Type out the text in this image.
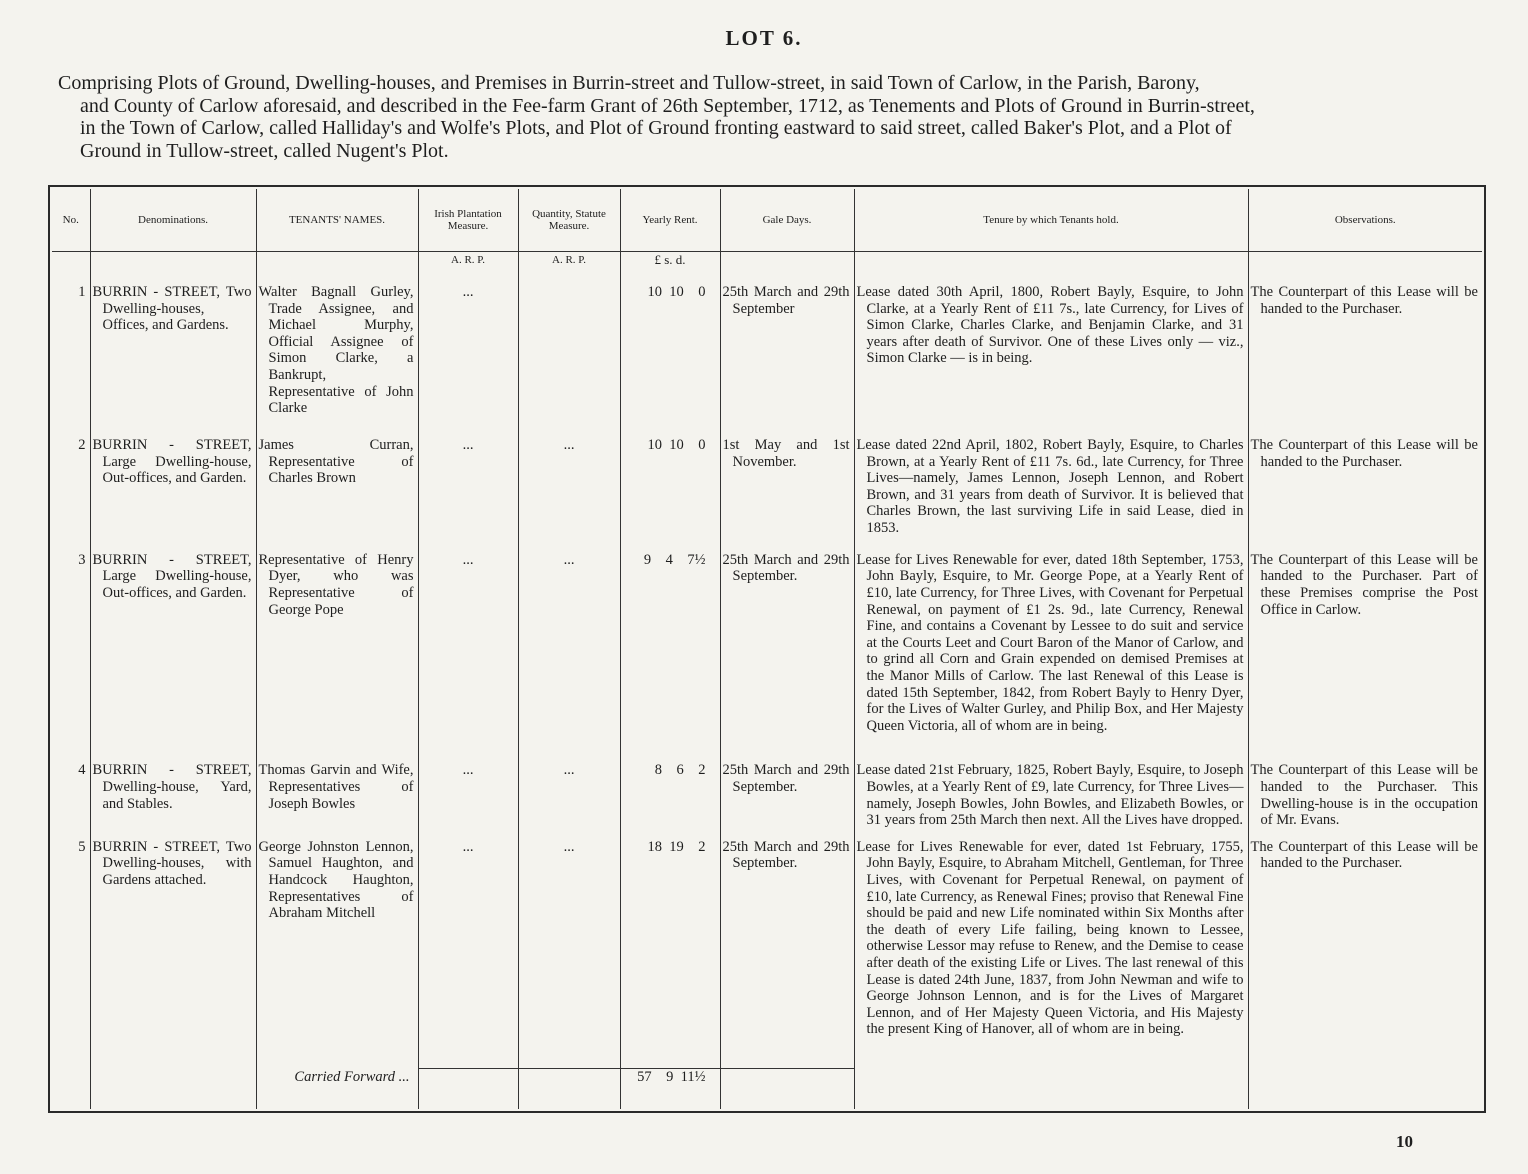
LOT 6.
Comprising Plots of Ground, Dwelling-houses, and Premises in Burrin-street and Tullow-street, in said Town of Carlow, in the Parish, Barony,
and County of Carlow aforesaid, and described in the Fee-farm Grant of 26th September, 1712, as Tenements and Plots of Ground in Burrin-street,
in the Town of Carlow, called Halliday's and Wolfe's Plots, and Plot of Ground fronting eastward to said street, called Baker's Plot, and a Plot of
Ground in Tullow-street, called Nugent's Plot.
No.	Denominations.	TENANTS' NAMES.	Irish Plantation Measure.	Quantity, Statute Measure.	Yearly Rent.	Gale Days.	Tenure by which Tenants hold.	Observations.
			A. R. P.	A. R. P.	£ s. d.			
1	BURRIN - STREET, Two Dwelling-houses, Offices, and Gardens.	Walter Bagnall Gurley, Trade Assignee, and Michael Murphy, Official Assignee of Simon Clarke, a Bankrupt, Representative of John Clarke	...		10  10    0	25th March and 29th September	Lease dated 30th April, 1800, Robert Bayly, Esquire, to John Clarke, at a Yearly Rent of £11 7s., late Currency, for Lives of Simon Clarke, Charles Clarke, and Benjamin Clarke, and 31 years after death of Survivor. One of these Lives only — viz., Simon Clarke — is in being.	The Counterpart of this Lease will be handed to the Purchaser.
2	BURRIN - STREET, Large Dwelling-house, Out-offices, and Garden.	James Curran, Representative of Charles Brown	...	...	10  10    0	1st May and 1st November.	Lease dated 22nd April, 1802, Robert Bayly, Esquire, to Charles Brown, at a Yearly Rent of £11 7s. 6d., late Currency, for Three Lives—namely, James Lennon, Joseph Lennon, and Robert Brown, and 31 years from death of Survivor. It is believed that Charles Brown, the last surviving Life in said Lease, died in 1853.	The Counterpart of this Lease will be handed to the Purchaser.
3	BURRIN - STREET, Large Dwelling-house, Out-offices, and Garden.	Representative of Henry Dyer, who was Representative of George Pope	...	...	9    4    7½	25th March and 29th September.	Lease for Lives Renewable for ever, dated 18th September, 1753, John Bayly, Esquire, to Mr. George Pope, at a Yearly Rent of £10, late Currency, for Three Lives, with Covenant for Perpetual Renewal, on payment of £1 2s. 9d., late Currency, Renewal Fine, and contains a Covenant by Lessee to do suit and service at the Courts Leet and Court Baron of the Manor of Carlow, and to grind all Corn and Grain expended on demised Premises at the Manor Mills of Carlow. The last Renewal of this Lease is dated 15th September, 1842, from Robert Bayly to Henry Dyer, for the Lives of Walter Gurley, and Philip Box, and Her Majesty Queen Victoria, all of whom are in being.	The Counterpart of this Lease will be handed to the Purchaser. Part of these Premises comprise the Post Office in Carlow.
4	BURRIN - STREET, Dwelling-house, Yard, and Stables.	Thomas Garvin and Wife, Representatives of Joseph Bowles	...	...	8    6    2	25th March and 29th September.	Lease dated 21st February, 1825, Robert Bayly, Esquire, to Joseph Bowles, at a Yearly Rent of £9, late Currency, for Three Lives—namely, Joseph Bowles, John Bowles, and Elizabeth Bowles, or 31 years from 25th March then next. All the Lives have dropped.	The Counterpart of this Lease will be handed to the Purchaser. This Dwelling-house is in the occupation of Mr. Evans.
5	BURRIN - STREET, Two Dwelling-houses, with Gardens attached.	George Johnston Lennon, Samuel Haughton, and Handcock Haughton, Representatives of Abraham Mitchell	...	...	18  19    2	25th March and 29th September.	Lease for Lives Renewable for ever, dated 1st February, 1755, John Bayly, Esquire, to Abraham Mitchell, Gentleman, for Three Lives, with Covenant for Perpetual Renewal, on payment of £10, late Currency, as Renewal Fines; proviso that Renewal Fine should be paid and new Life nominated within Six Months after the death of every Life failing, being known to Lessee, otherwise Lessor may refuse to Renew, and the Demise to cease after death of the existing Life or Lives. The last renewal of this Lease is dated 24th June, 1837, from John Newman and wife to George Johnson Lennon, and is for the Lives of Margaret Lennon, and of Her Majesty Queen Victoria, and His Majesty the present King of Hanover, all of whom are in being.	The Counterpart of this Lease will be handed to the Purchaser.
		Carried Forward ...			57    9  11½			
10
